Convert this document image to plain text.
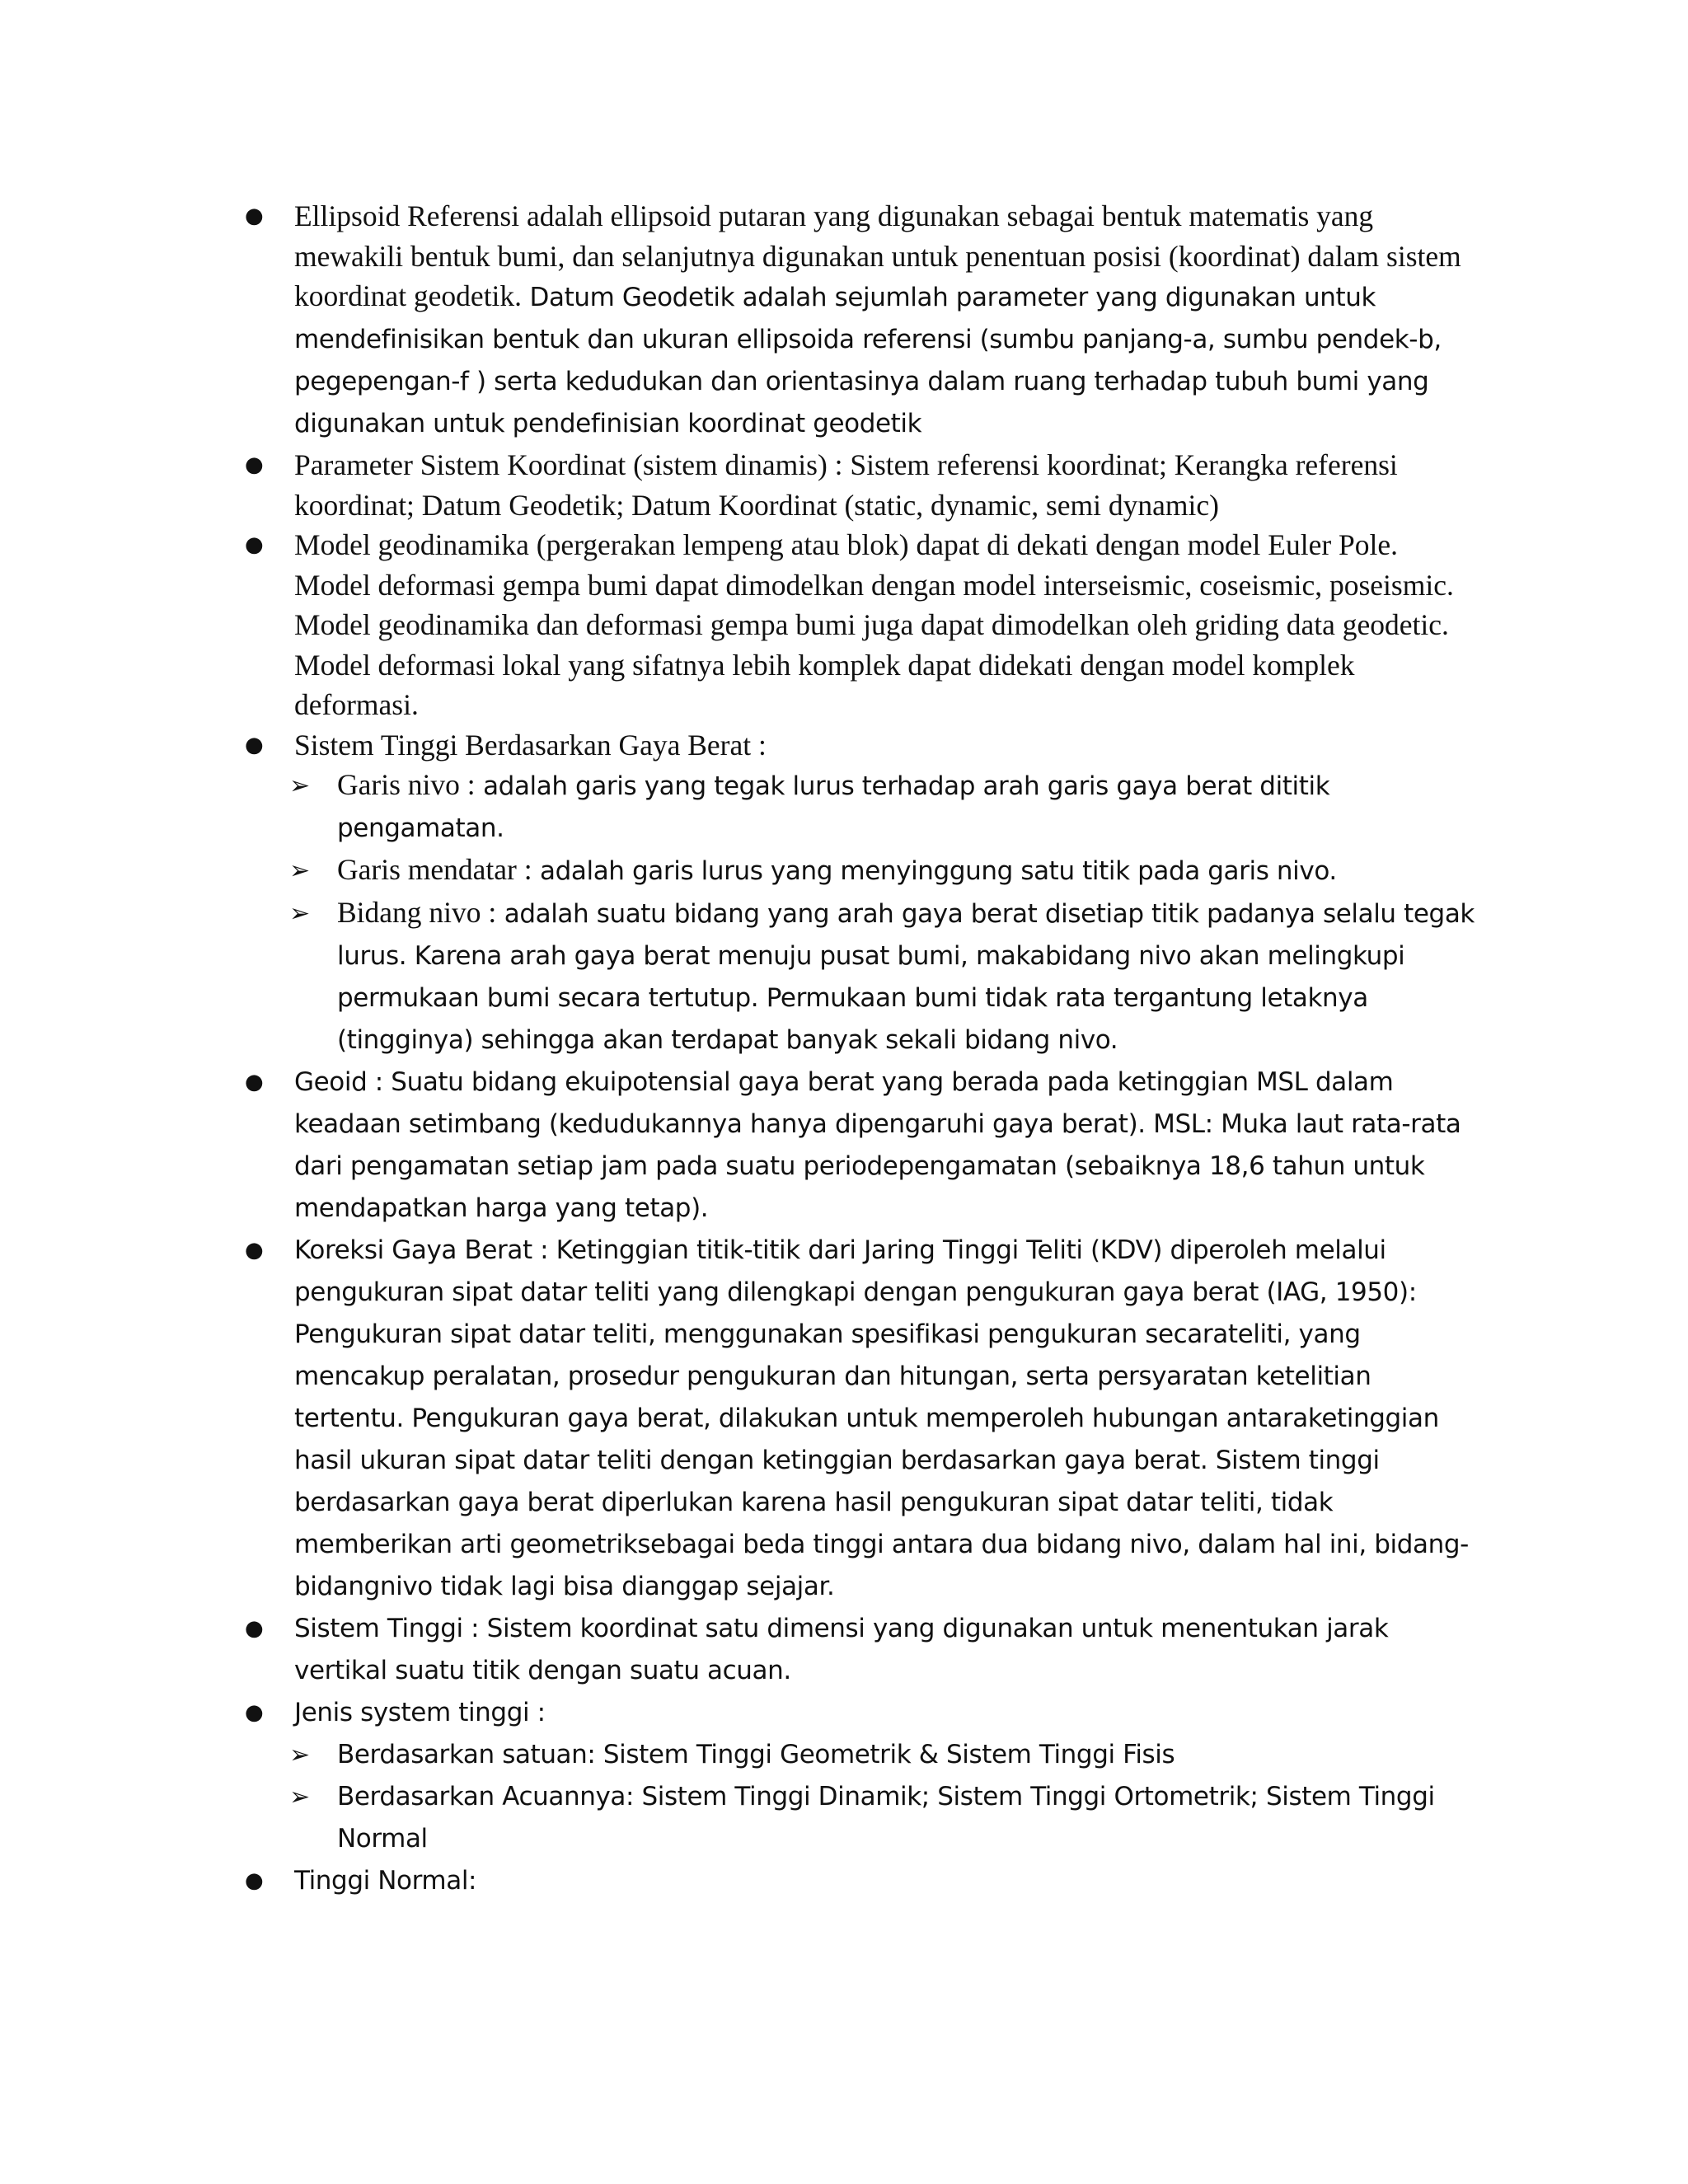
● Ellipsoid Referensi adalah ellipsoid putaran yang digunakan sebagai bentuk matematis yang mewakili bentuk bumi, dan selanjutnya digunakan untuk penentuan posisi (koordinat) dalam sistem koordinat geodetik. Datum Geodetik adalah sejumlah parameter yang digunakan untuk mendefinisikan bentuk dan ukuran ellipsoida referensi (sumbu panjang-a, sumbu pendek-b, pegepengan-f ) serta kedudukan dan orientasinya dalam ruang terhadap tubuh bumi yang digunakan untuk pendefinisian koordinat geodetik
● Parameter Sistem Koordinat (sistem dinamis) : Sistem referensi koordinat; Kerangka referensi koordinat; Datum Geodetik; Datum Koordinat (static, dynamic, semi dynamic)
● Model geodinamika (pergerakan lempeng atau blok) dapat di dekati dengan model Euler Pole. Model deformasi gempa bumi dapat dimodelkan dengan model interseismic, coseismic, poseismic. Model geodinamika dan deformasi gempa bumi juga dapat dimodelkan oleh griding data geodetic. Model deformasi lokal yang sifatnya lebih komplek dapat didekati dengan model komplek deformasi.
● Sistem Tinggi Berdasarkan Gaya Berat :
➢ Garis nivo : adalah garis yang tegak lurus terhadap arah garis gaya berat dititik pengamatan.
➢ Garis mendatar : adalah garis lurus yang menyinggung satu titik pada garis nivo.
➢ Bidang nivo : adalah suatu bidang yang arah gaya berat disetiap titik padanya selalu tegak lurus. Karena arah gaya berat menuju pusat bumi, makabidang nivo akan melingkupi permukaan bumi secara tertutup. Permukaan bumi tidak rata tergantung letaknya (tingginya) sehingga akan terdapat banyak sekali bidang nivo.
● Geoid : Suatu bidang ekuipotensial gaya berat yang berada pada ketinggian MSL dalam keadaan setimbang (kedudukannya hanya dipengaruhi gaya berat). MSL: Muka laut rata-rata dari pengamatan setiap jam pada suatu periodepengamatan (sebaiknya 18,6 tahun untuk mendapatkan harga yang tetap).
● Koreksi Gaya Berat : Ketinggian titik-titik dari Jaring Tinggi Teliti (KDV) diperoleh melalui pengukuran sipat datar teliti yang dilengkapi dengan pengukuran gaya berat (IAG, 1950): Pengukuran sipat datar teliti, menggunakan spesifikasi pengukuran secarateliti, yang mencakup peralatan, prosedur pengukuran dan hitungan, serta persyaratan ketelitian tertentu. Pengukuran gaya berat, dilakukan untuk memperoleh hubungan antaraketinggian hasil ukuran sipat datar teliti dengan ketinggian berdasarkan gaya berat. Sistem tinggi berdasarkan gaya berat diperlukan karena hasil pengukuran sipat datar teliti, tidak memberikan arti geometriksebagai beda tinggi antara dua bidang nivo, dalam hal ini, bidang-bidangnivo tidak lagi bisa dianggap sejajar.
● Sistem Tinggi : Sistem koordinat satu dimensi yang digunakan untuk menentukan jarak vertikal suatu titik dengan suatu acuan.
● Jenis system tinggi :
➢ Berdasarkan satuan: Sistem Tinggi Geometrik & Sistem Tinggi Fisis
➢ Berdasarkan Acuannya: Sistem Tinggi Dinamik; Sistem Tinggi Ortometrik; Sistem Tinggi Normal
● Tinggi Normal:
